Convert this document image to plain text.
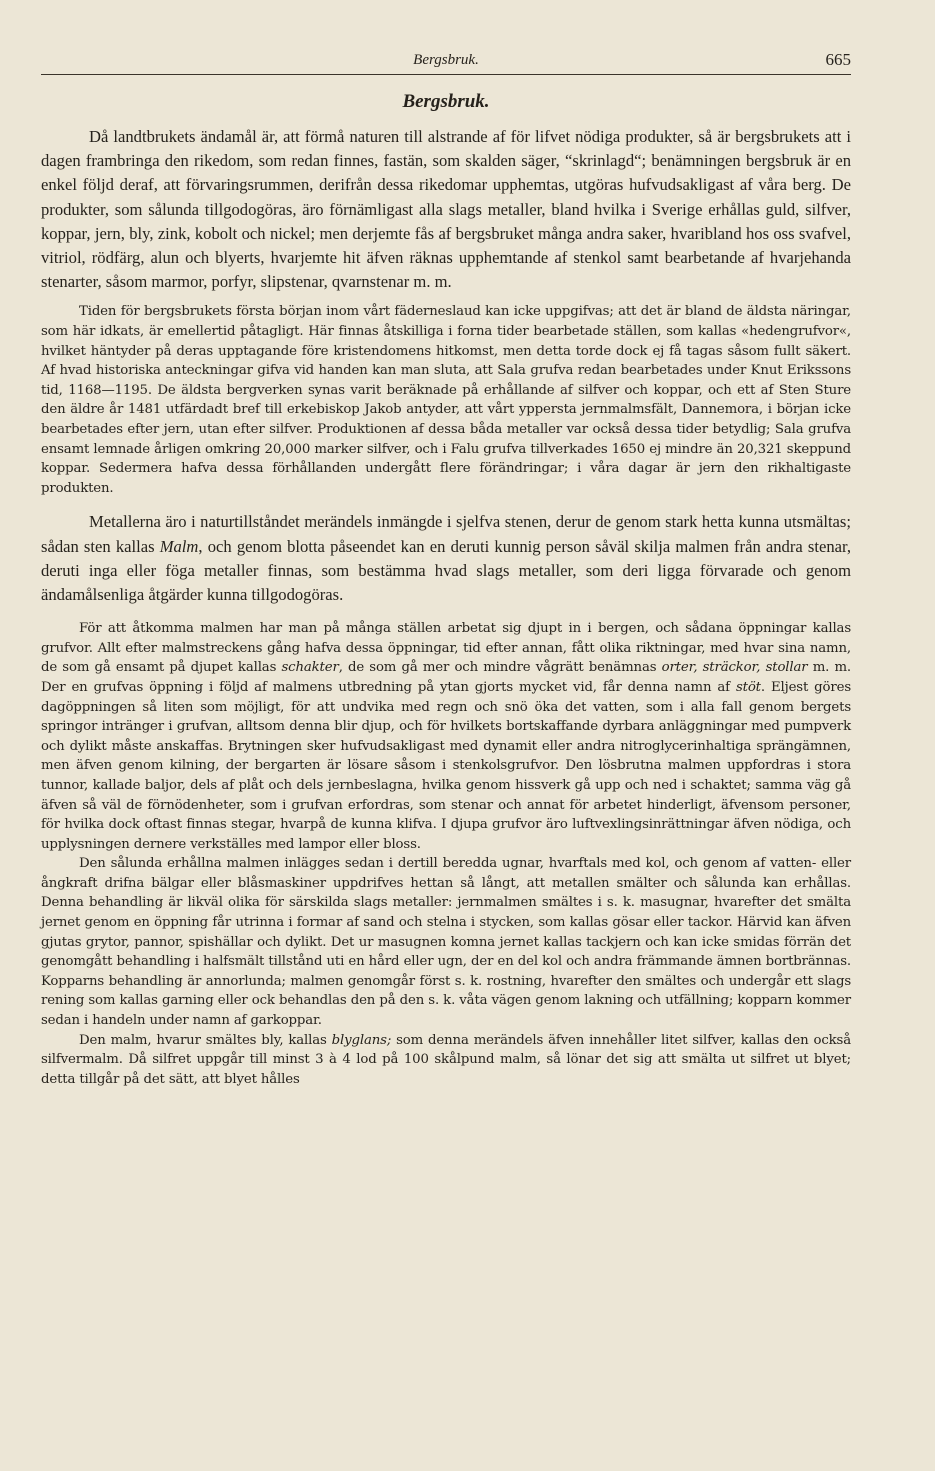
Bergsbruk.	665
Bergsbruk.

Då landtbrukets ändamål är, att förmå naturen till alstrande af för lifvet nödiga produkter, så är bergsbrukets att i dagen frambringa den rikedom, som redan finnes, fastän, som skalden säger, “skrinlagd“; benämningen bergsbruk är en enkel följd deraf, att förvaringsrummen, derifrån dessa rikedomar upphemtas, utgöras hufvudsakligast af våra berg. De produkter, som sålunda tillgodogöras, äro förnämligast alla slags metaller, bland hvilka i Sverige erhållas guld, silfver, koppar, jern, bly, zink, kobolt och nickel; men derjemte fås af bergsbruket många andra saker, hvaribland hos oss svafvel, vitriol, rödfärg, alun och blyerts, hvarjemte hit äfven räknas upphemtande af stenkol samt bearbetande af hvarjehanda stenarter, såsom marmor, porfyr, slipstenar, qvarnstenar m. m.

Tiden för bergsbrukets första början inom vårt fäderneslaud kan icke uppgifvas; att det är bland de äldsta näringar, som här idkats, är emellertid påtagligt. Här finnas åtskilliga i forna tider bearbetade ställen, som kallas «hedengrufvor«, hvilket häntyder på deras upptagande före kristendomens hitkomst, men detta torde dock ej få tagas såsom fullt säkert. Af hvad historiska anteckningar gifva vid handen kan man sluta, att Sala grufva redan bearbetades under Knut Erikssons tid, 1168—1195. De äldsta bergverken synas varit beräknade på erhållande af silfver och koppar, och ett af Sten Sture den äldre år 1481 utfärdadt bref till erkebiskop Jakob antyder, att vårt yppersta jernmalmsfält, Dannemora, i början icke bearbetades efter jern, utan efter silfver. Produktionen af dessa båda metaller var också dessa tider betydlig; Sala grufva ensamt lemnade årligen omkring 20,000 marker silfver, och i Falu grufva tillverkades 1650 ej mindre än 20,321 skeppund koppar. Sedermera hafva dessa förhållanden undergått flere förändringar; i våra dagar är jern den rikhaltigaste produkten.

Metallerna äro i naturtillståndet merändels inmängde i sjelfva stenen, derur de genom stark hetta kunna utsmältas; sådan sten kallas Malm, och genom blotta påseendet kan en deruti kunnig person såväl skilja malmen från andra stenar, deruti inga eller föga metaller finnas, som bestämma hvad slags metaller, som deri ligga förvarade och genom ändamålsenliga åtgärder kunna tillgodogöras.

För att åtkomma malmen har man på många ställen arbetat sig djupt in i bergen, och sådana öppningar kallas grufvor. Allt efter malmstreckens gång hafva dessa öppningar, tid efter annan, fått olika riktningar, med hvar sina namn, de som gå ensamt på djupet kallas schakter, de som gå mer och mindre vågrätt benämnas orter, sträckor, stollar m. m. Der en grufvas öppning i följd af malmens utbredning på ytan gjorts mycket vid, får denna namn af stöt. Eljest göres dagöppningen så liten som möjligt, för att undvika med regn och snö öka det vatten, som i alla fall genom bergets springor intränger i grufvan, alltsom denna blir djup, och för hvilkets bortskaffande dyrbara anläggningar med pumpverk och dylikt måste anskaffas. Brytningen sker hufvudsakligast med dynamit eller andra nitroglycerinhaltiga sprängämnen, men äfven genom kilning, der bergarten är lösare såsom i stenkolsgrufvor. Den lösbrutna malmen uppfordras i stora tunnor, kallade baljor, dels af plåt och dels jernbeslagna, hvilka genom hissverk gå upp och ned i schaktet; samma väg gå äfven så väl de förnödenheter, som i grufvan erfordras, som stenar och annat för arbetet hinderligt, äfvensom personer, för hvilka dock oftast finnas stegar, hvarpå de kunna klifva. I djupa grufvor äro luftvexlingsinrättningar äfven nödiga, och upplysningen dernere verkställes med lampor eller bloss.

Den sålunda erhållna malmen inlägges sedan i dertill beredda ugnar, hvarftals med kol, och genom af vatten- eller ångkraft drifna bälgar eller blåsmaskiner uppdrifves hettan så långt, att metallen smälter och sålunda kan erhållas. Denna behandling är likväl olika för särskilda slags metaller: jernmalmen smältes i s. k. masugnar, hvarefter det smälta jernet genom en öppning får utrinna i formar af sand och stelna i stycken, som kallas gösar eller tackor. Härvid kan äfven gjutas grytor, pannor, spishällar och dylikt. Det ur masugnen komna jernet kallas tackjern och kan icke smidas förrän det genomgått behandling i halfsmält tillstånd uti en hård eller ugn, der en del kol och andra främmande ämnen bortbrännas. Kopparns behandling är annorlunda; malmen genomgår först s. k. rostning, hvarefter den smältes och undergår ett slags rening som kallas garning eller ock behandlas den på den s. k. våta vägen genom lakning och utfällning; kopparn kommer sedan i handeln under namn af garkoppar.

Den malm, hvarur smältes bly, kallas blyglans; som denna merändels äfven innehåller litet silfver, kallas den också silfvermalm. Då silfret uppgår till minst 3 à 4 lod på 100 skålpund malm, så lönar det sig att smälta ut silfret ut blyet; detta tillgår på det sätt, att blyet hålles
